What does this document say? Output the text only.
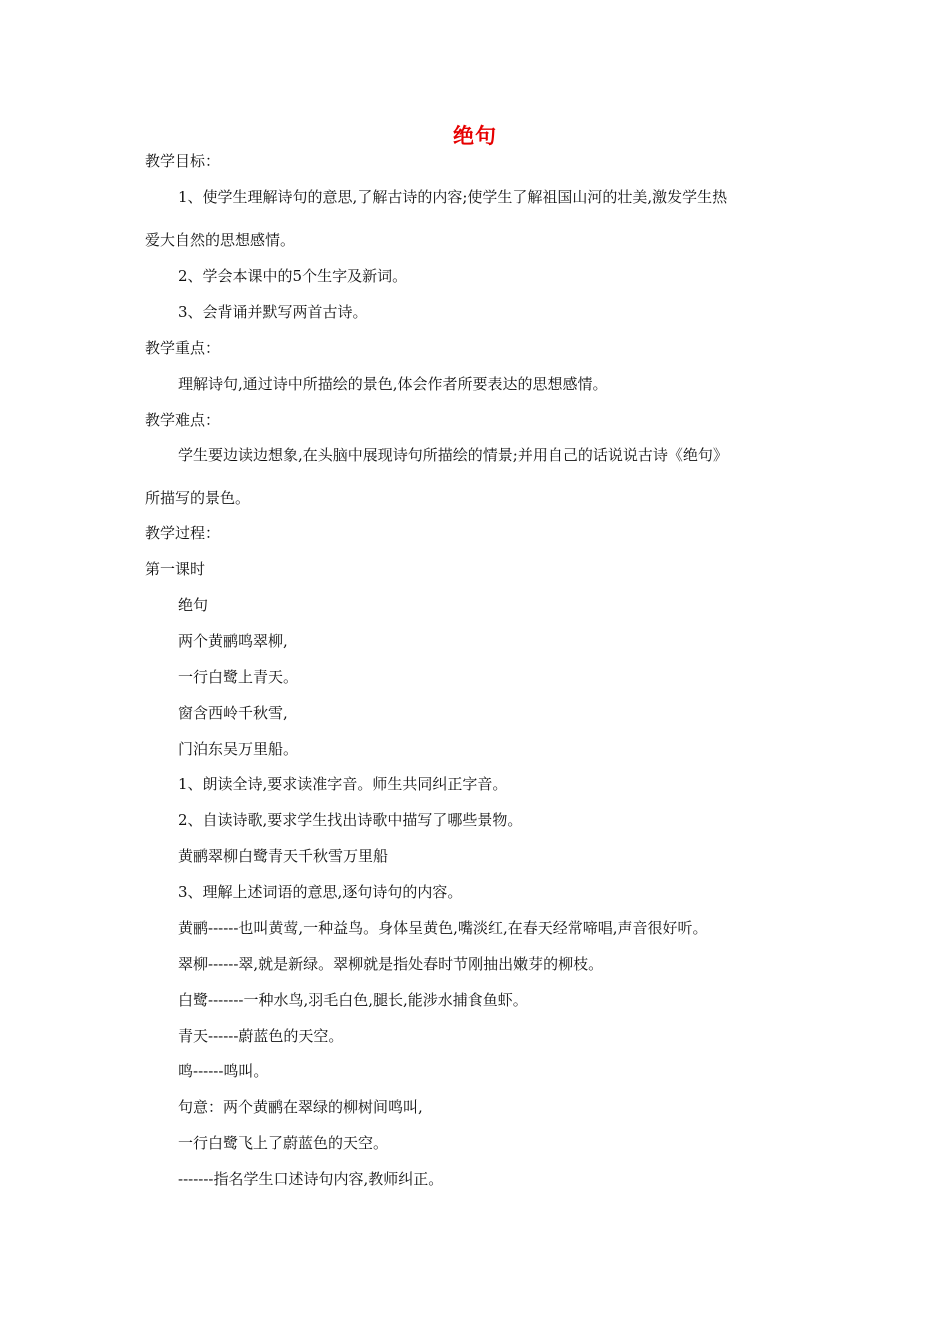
绝句
教学目标：
1、使学生理解诗句的意思,了解古诗的内容;使学生了解祖国山河的壮美,激发学生热
爱大自然的思想感情。
2、学会本课中的5个生字及新词。
3、会背诵并默写两首古诗。
教学重点：
理解诗句,通过诗中所描绘的景色,体会作者所要表达的思想感情。
教学难点：
学生要边读边想象,在头脑中展现诗句所描绘的情景;并用自己的话说说古诗《绝句》
所描写的景色。
教学过程：
第一课时
绝句
两个黄鹂鸣翠柳,
一行白鹭上青天。
窗含西岭千秋雪,
门泊东吴万里船。
1、朗读全诗,要求读准字音。师生共同纠正字音。
2、自读诗歌,要求学生找出诗歌中描写了哪些景物。
黄鹂翠柳白鹭青天千秋雪万里船
3、理解上述词语的意思,逐句诗句的内容。
黄鹂------也叫黄莺,一种益鸟。身体呈黄色,嘴淡红,在春天经常啼唱,声音很好听。
翠柳------翠,就是新绿。翠柳就是指处春时节刚抽出嫩芽的柳枝。
白鹭-------一种水鸟,羽毛白色,腿长,能涉水捕食鱼虾。
青天------蔚蓝色的天空。
鸣------鸣叫。
句意：两个黄鹂在翠绿的柳树间鸣叫,
一行白鹭飞上了蔚蓝色的天空。
-------指名学生口述诗句内容,教师纠正。
